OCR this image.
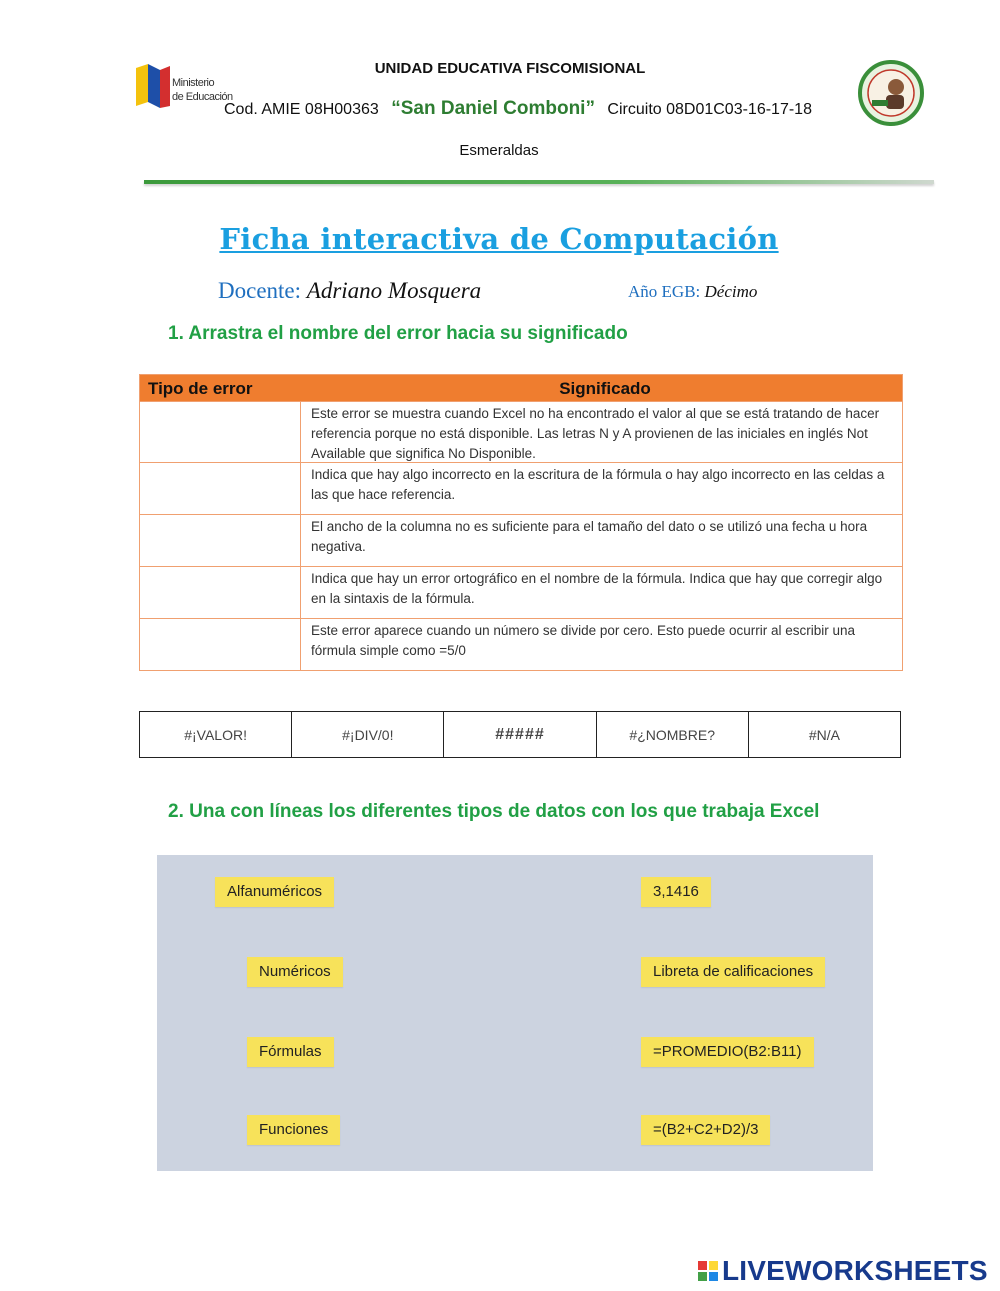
Ministerio
de Educación
UNIDAD EDUCATIVA FISCOMISIONAL
Cod. AMIE 08H00363 “San Daniel Comboni” Circuito 08D01C03-16-17-18
Esmeraldas
Ficha interactiva de Computación
Docente: Adriano Mosquera	Año EGB: Décimo
1. Arrastra el nombre del error hacia su significado
Tipo de error	Significado
Este error se muestra cuando Excel no ha encontrado el valor al que se está tratando de hacer referencia porque no está disponible. Las letras N y A provienen de las iniciales en inglés Not Available que significa No Disponible.
Indica que hay algo incorrecto en la escritura de la fórmula o hay algo incorrecto en las celdas a las que hace referencia.
El ancho de la columna no es suficiente para el tamaño del dato o se utilizó una fecha u hora negativa.
Indica que hay un error ortográfico en el nombre de la fórmula. Indica que hay que corregir algo en la sintaxis de la fórmula.
Este error aparece cuando un número se divide por cero. Esto puede ocurrir al escribir una fórmula simple como =5/0
#¡VALOR!	#¡DIV/0!	#####	#¿NOMBRE?	#N/A
2. Una con líneas los diferentes tipos de datos con los que trabaja Excel
Alfanuméricos
Numéricos
Fórmulas
Funciones
3,1416
Libreta de calificaciones
=PROMEDIO(B2:B11)
=(B2+C2+D2)/3
LIVEWORKSHEETS
